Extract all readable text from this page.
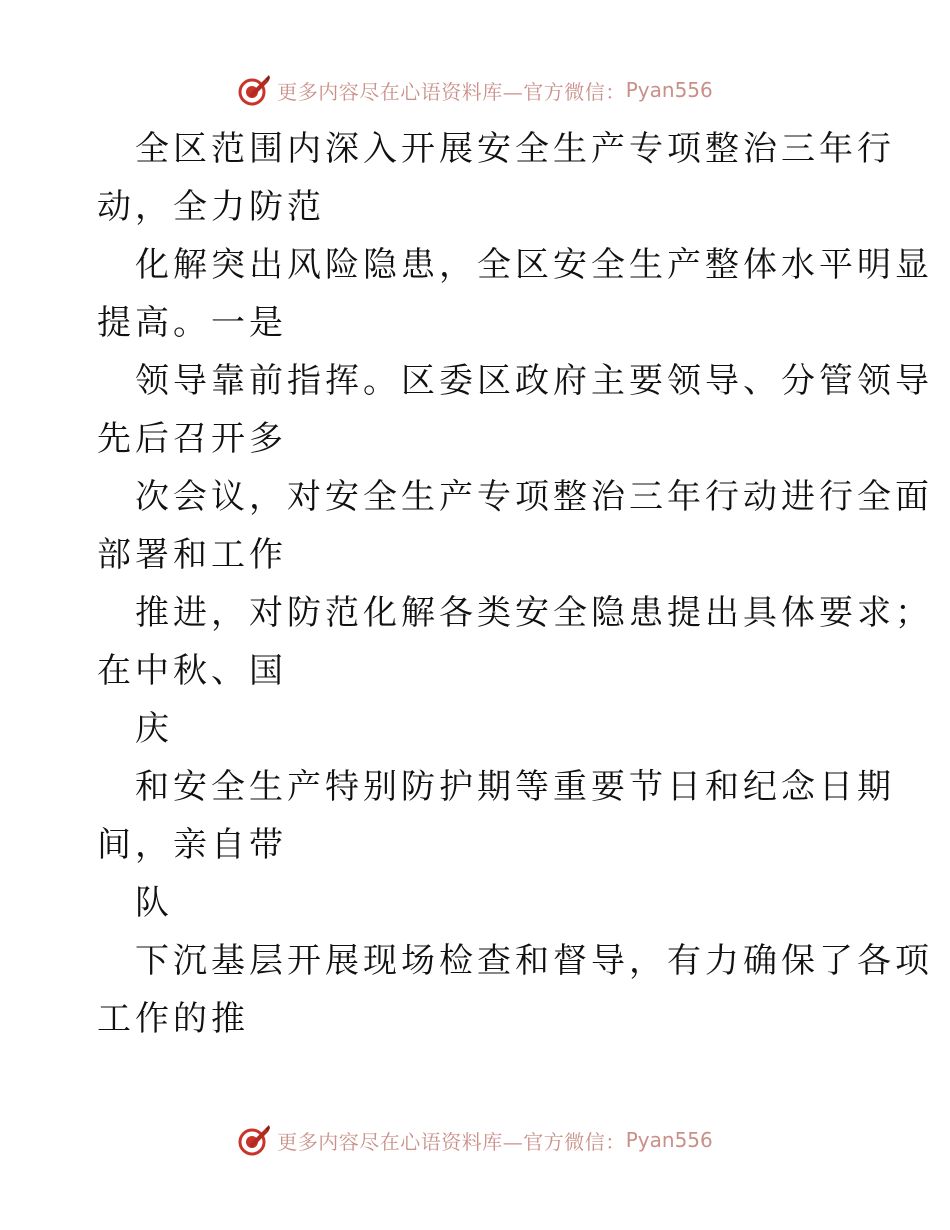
更多内容尽在心语资料库—官方微信： Pyan556
全区范围内深入开展安全生产专项整治三年行
动，全力防范
化解突出风险隐患，全区安全生产整体水平明显
提高。一是
领导靠前指挥。区委区政府主要领导、分管领导
先后召开多
次会议，对安全生产专项整治三年行动进行全面
部署和工作
推进，对防范化解各类安全隐患提出具体要求；
在中秋、国
庆
和安全生产特别防护期等重要节日和纪念日期
间，亲自带
队
下沉基层开展现场检查和督导，有力确保了各项
工作的推
更多内容尽在心语资料库—官方微信： Pyan556
